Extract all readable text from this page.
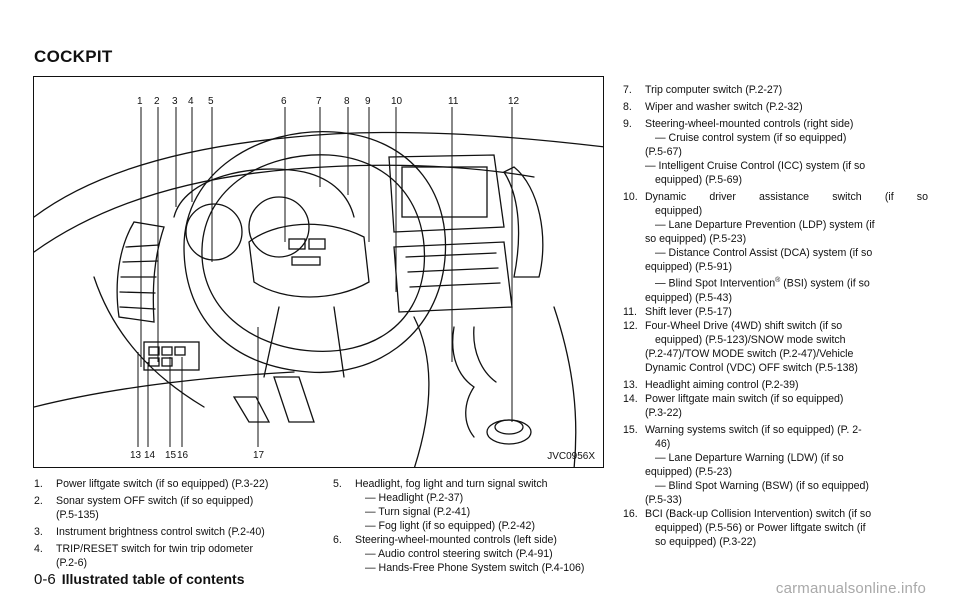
COCKPIT
1 2 3 4 5	6	7 8 9 10	11	12
13 14 15 16	17	JVC0956X
1. Power liftgate switch (if so equipped) (P.3-22)
2. Sonar system OFF switch (if so equipped)
(P.5-135)
3. Instrument brightness control switch (P.2-40)
4. TRIP/RESET switch for twin trip odometer
(P.2-6)
5. Headlight, fog light and turn signal switch
— Headlight (P.2-37)
— Turn signal (P.2-41)
— Fog light (if so equipped) (P.2-42)
6. Steering-wheel-mounted controls (left side)
— Audio control steering switch (P.4-91)
— Hands-Free Phone System switch (P.4-106)
7. Trip computer switch (P.2-27)
8. Wiper and washer switch (P.2-32)
9. Steering-wheel-mounted controls (right side)
— Cruise control system (if so equipped)
(P.5-67)
— Intelligent Cruise Control (ICC) system (if so
equipped) (P.5-69)
10. Dynamic driver assistance switch (if so
equipped)
— Lane Departure Prevention (LDP) system (if
so equipped) (P.5-23)
— Distance Control Assist (DCA) system (if so
equipped) (P.5-91)
— Blind Spot Intervention® (BSI) system (if so
equipped) (P.5-43)
11. Shift lever (P.5-17)
12. Four-Wheel Drive (4WD) shift switch (if so
equipped) (P.5-123)/SNOW mode switch
(P.2-47)/TOW MODE switch (P.2-47)/Vehicle
Dynamic Control (VDC) OFF switch (P.5-138)
13. Headlight aiming control (P.2-39)
14. Power liftgate main switch (if so equipped)
(P.3-22)
15. Warning systems switch (if so equipped) (P. 2-
46)
— Lane Departure Warning (LDW) (if so
equipped) (P.5-23)
— Blind Spot Warning (BSW) (if so equipped)
(P.5-33)
16. BCI (Back-up Collision Intervention) switch (if so
equipped) (P.5-56) or Power liftgate switch (if
so equipped) (P.3-22)
0-6 Illustrated table of contents
carmanualsonline.info
